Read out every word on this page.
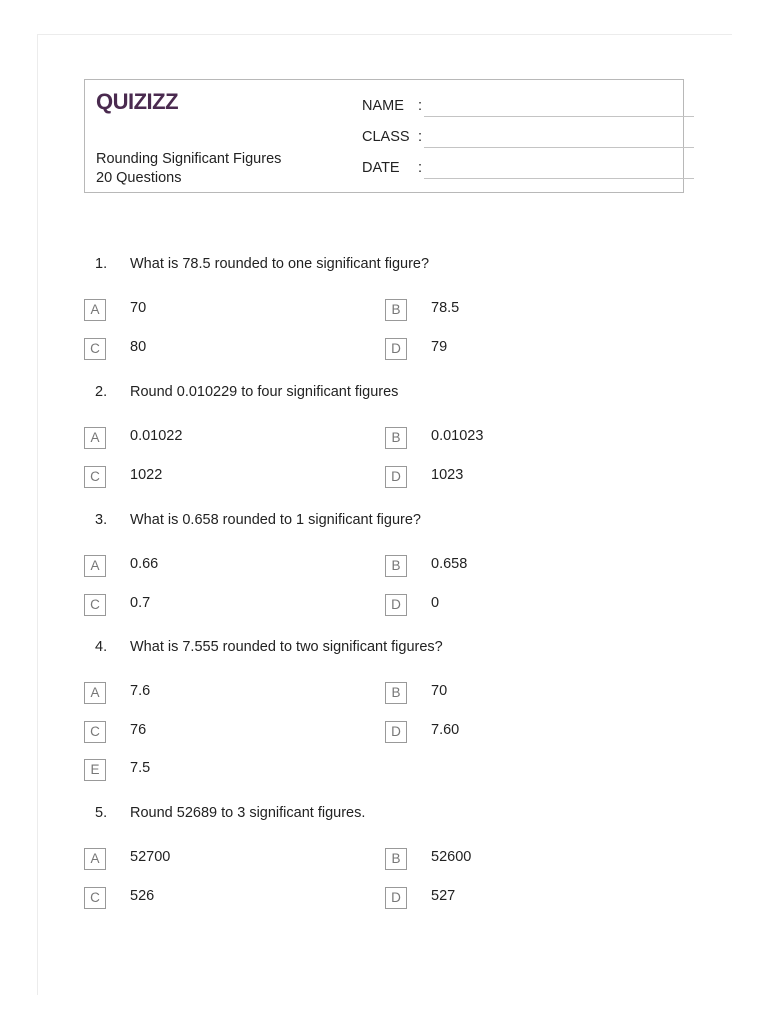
QUIZIZZ
Rounding Significant Figures
20 Questions
NAME :
CLASS :
DATE	:
1. What is 78.5 rounded to one significant figure?
A	70	B	78.5
C	80	D	79
2. Round 0.010229 to four significant figures
A	0.01022	B	0.01023
C	1022	D	1023
3. What is 0.658 rounded to 1 significant figure?
A	0.66	B	0.658
C	0.7	D	0
4. What is 7.555 rounded to two significant figures?
A	7.6	B	70
C	76	D	7.60
E	7.5
5. Round 52689 to 3 significant figures.
A	52700	B	52600
C	526	D	527
